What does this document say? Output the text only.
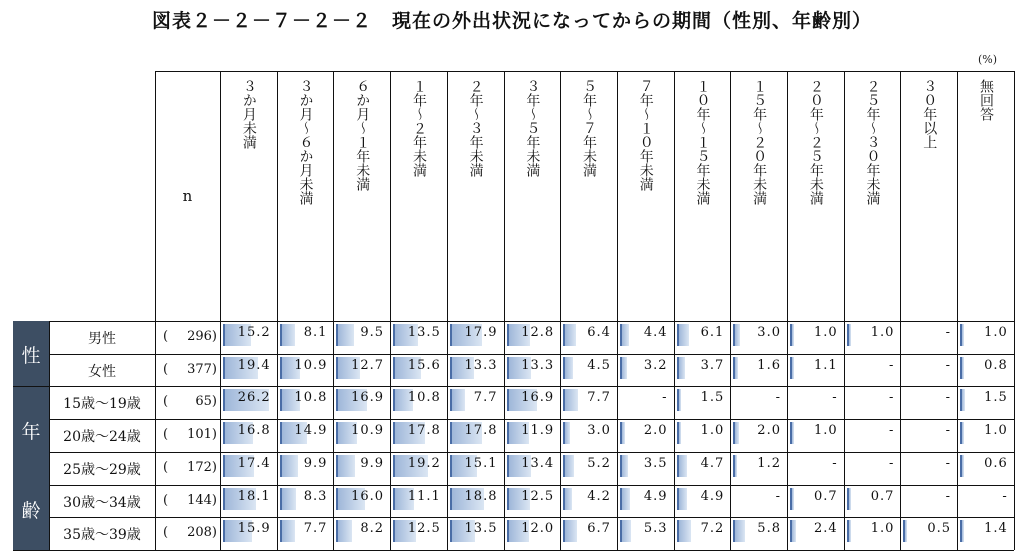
図表２－２－７－２－２　現在の外出状況になってからの期間（性別、年齢別）
(%)
n
３か月未満	３か月～６か月未満	６か月～１年未満	１年～２年未満	２年～３年未満	３年～５年未満	５年～７年未満	７年～１０年未満	１０年～１５年未満	１５年～２０年未満	２０年～２５年未満	２５年～３０年未満	３０年以上	無回答
性
年
齢
男性	( 296) 15.2	8.1	9.5 13.5 17.9 12.8	6.4	4.4	6.1	3.0	1.0	1.0	-	1.0
女性	( 377) 19.4 10.9 12.7 15.6 13.3 13.3	4.5	3.2	3.7	1.6	1.1	-	-	0.8
15歳～19歳	( 65) 26.2 10.8 16.9 10.8	7.7 16.9	7.7	-	1.5	-	-	-	-	1.5
20歳～24歳	( 101) 16.8 14.9 10.9 17.8 17.8 11.9	3.0	2.0	1.0	2.0	1.0	-	-	1.0
25歳～29歳	( 172) 17.4	9.9	9.9 19.2 15.1 13.4	5.2	3.5	4.7	1.2	-	-	-	0.6
30歳～34歳	( 144) 18.1	8.3 16.0 11.1 18.8 12.5	4.2	4.9	4.9	-	0.7	0.7	-	-
35歳～39歳	( 208) 15.9	7.7	8.2 12.5 13.5 12.0	6.7	5.3	7.2	5.8	2.4	1.0	0.5	1.4
